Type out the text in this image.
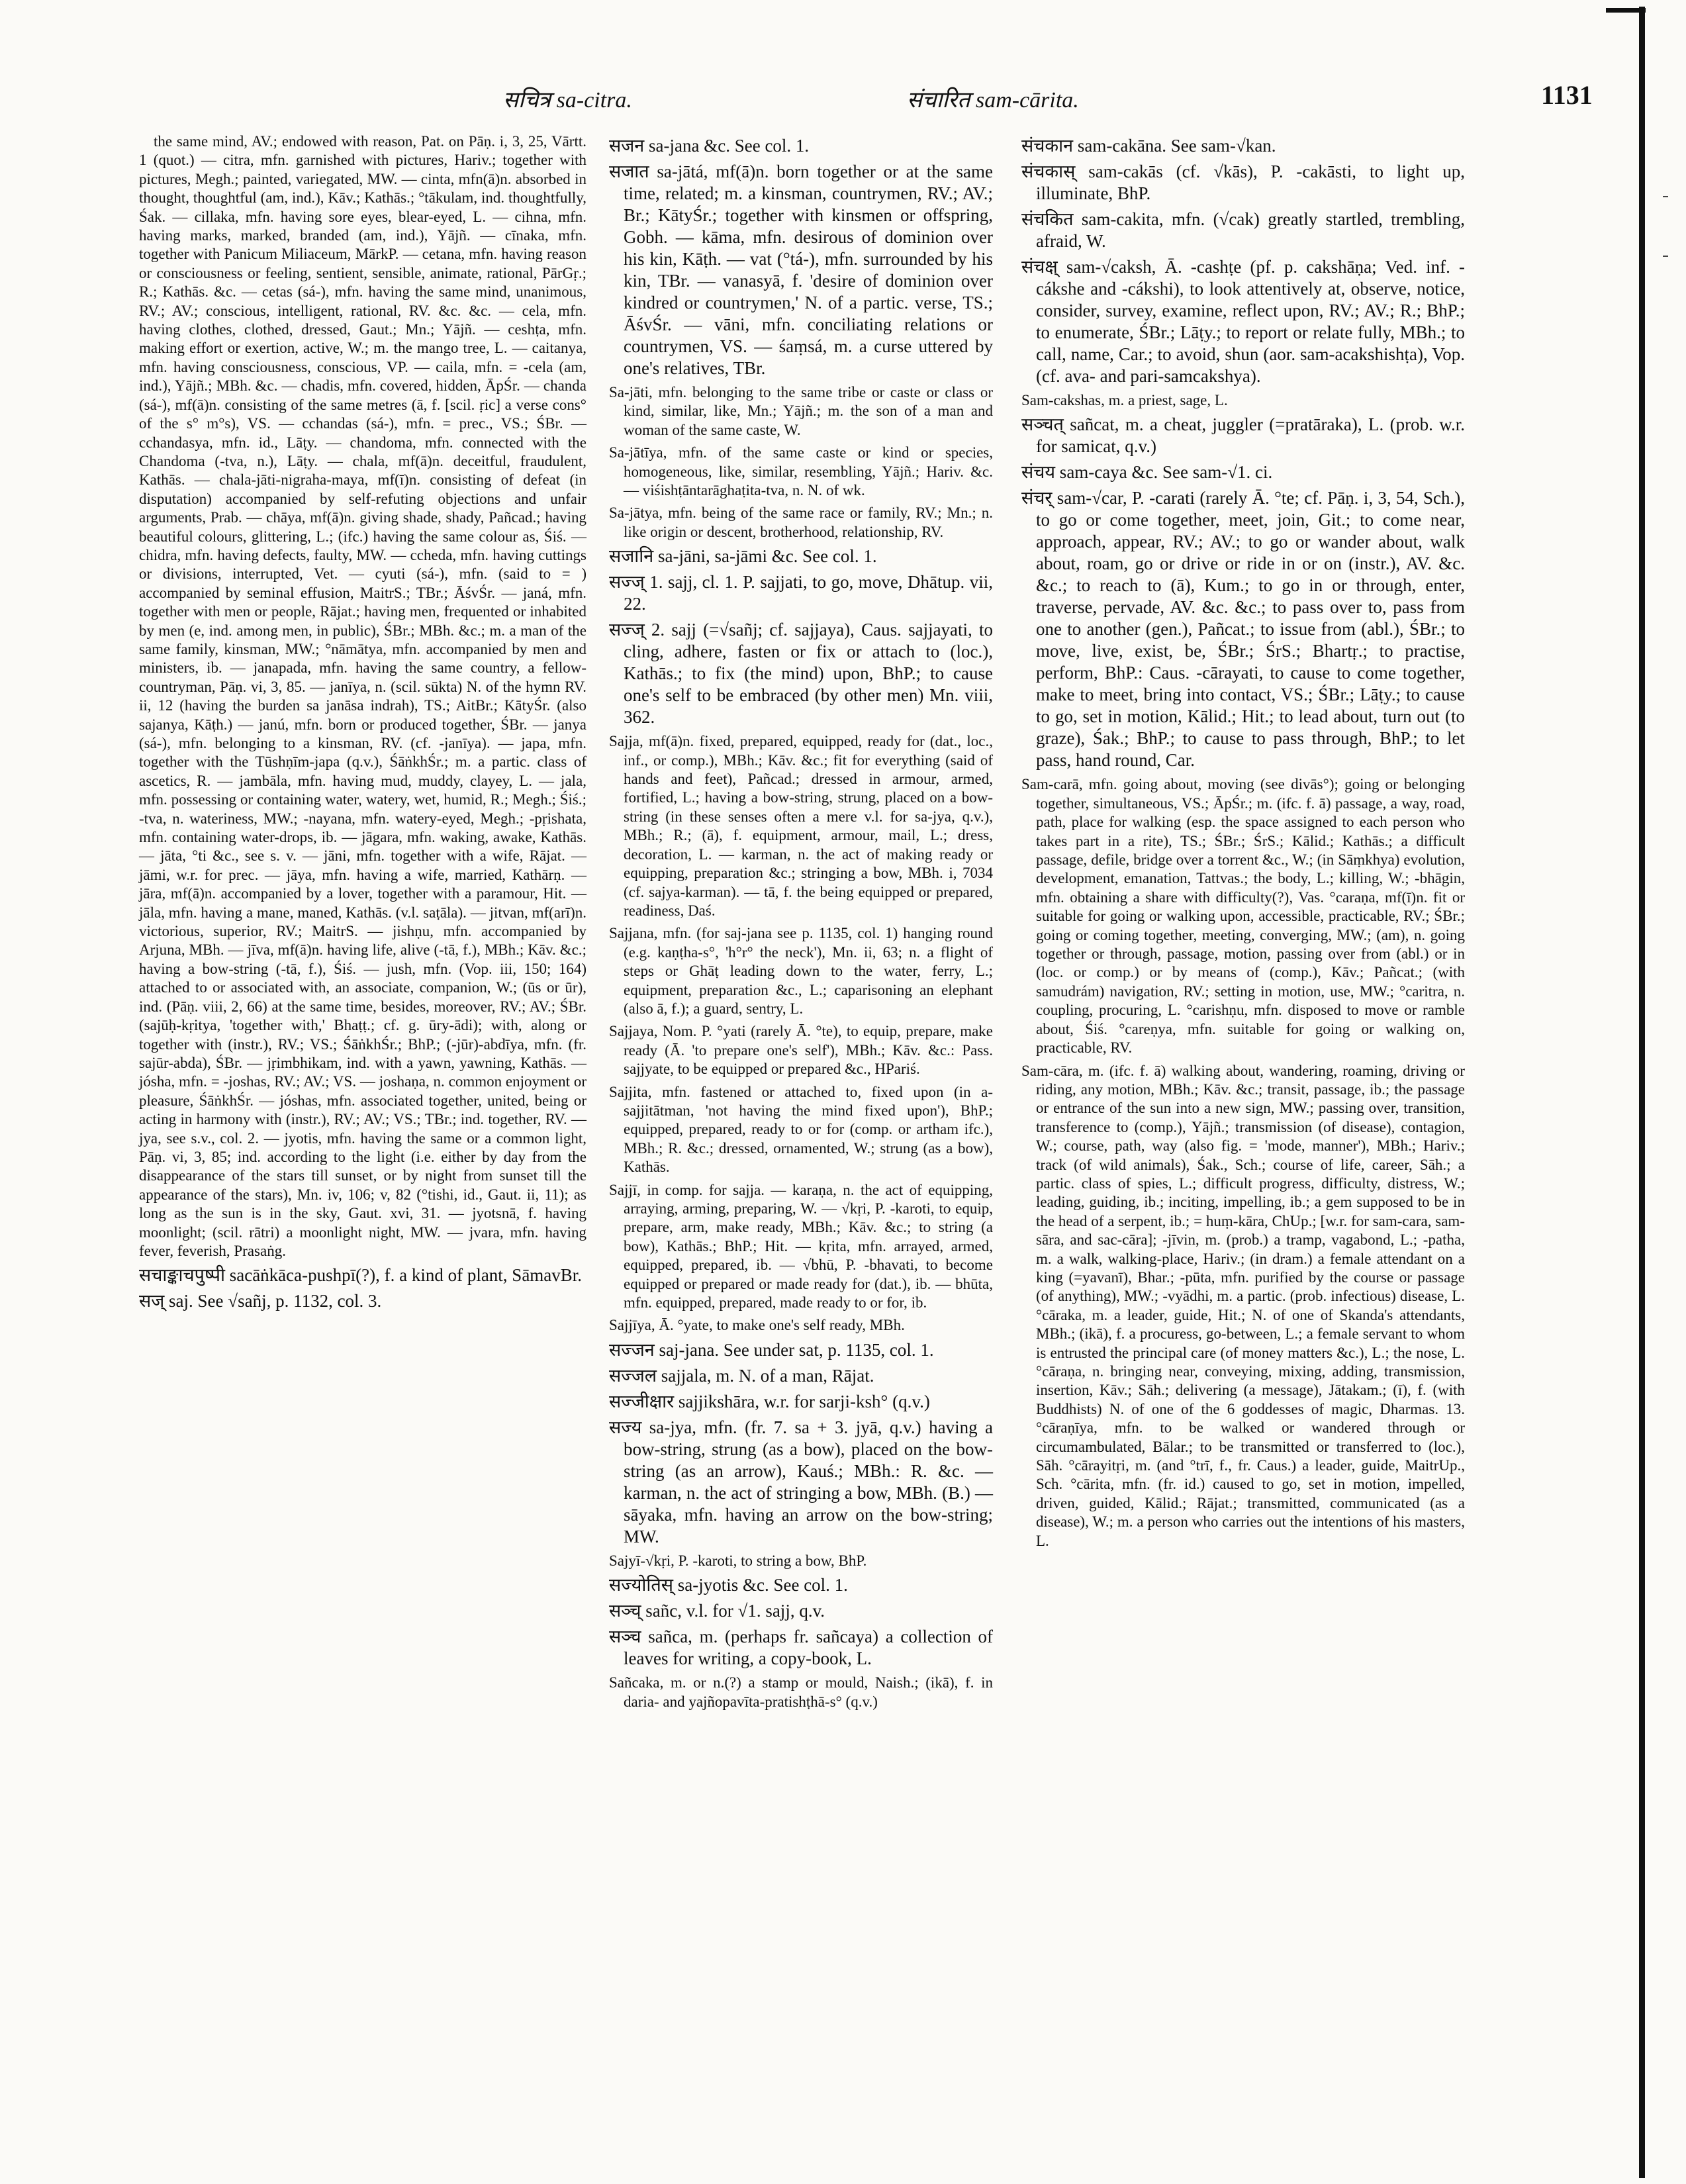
सचित्र sa-citra.	संचारित sam-cārita.	1131
the same mind, AV.; endowed with reason, Pat. on Pāṇ. i, 3, 25, Vārtt. 1 (quot.) — citra, mfn. garnished with pictures, Hariv.; together with pictures, Megh.; painted, variegated, MW. — cinta, mfn(ā)n. absorbed in thought, thoughtful (am, ind.), Kāv.; Kathās.; °tākulam, ind. thoughtfully, Śak. — cillaka, mfn. having sore eyes, blear-eyed, L. — cihna, mfn. having marks, marked, branded (am, ind.), Yājñ. — cīnaka, mfn. together with Panicum Miliaceum, MārkP. — cetana, mfn. having reason or consciousness or feeling, sentient, sensible, animate, rational, PārGṛ.; R.; Kathās. &c. — cetas (sá-), mfn. having the same mind, unanimous, RV.; AV.; conscious, intelligent, rational, RV. &c. &c. — cela, mfn. having clothes, clothed, dressed, Gaut.; Mn.; Yājñ. — ceshṭa, mfn. making effort or exertion, active, W.; m. the mango tree, L. — caitanya, mfn. having consciousness, conscious, VP. — caila, mfn. = -cela (am, ind.), Yājñ.; MBh. &c. — chadis, mfn. covered, hidden, ĀpŚr. — chanda (sá-), mf(ā)n. consisting of the same metres (ā, f. [scil. ṛic] a verse cons° of the s° m°s), VS. — cchandas (sá-), mfn. = prec., VS.; ŚBr. — cchandasya, mfn. id., Lāṭy. — chandoma, mfn. connected with the Chandoma (-tva, n.), Lāṭy. — chala, mf(ā)n. deceitful, fraudulent, Kathās. — chala-jāti-nigraha-maya, mf(ī)n. consisting of defeat (in disputation) accompanied by self-refuting objections and unfair arguments, Prab. — chāya, mf(ā)n. giving shade, shady, Pañcad.; having beautiful colours, glittering, L.; (ifc.) having the same colour as, Śiś. — chidra, mfn. having defects, faulty, MW. — ccheda, mfn. having cuttings or divisions, interrupted, Vet. — cyuti (sá-), mfn. (said to = ) accompanied by seminal effusion, MaitrS.; TBr.; ĀśvŚr. — janá, mfn. together with men or people, Rājat.; having men, frequented or inhabited by men (e, ind. among men, in public), ŚBr.; MBh. &c.; m. a man of the same family, kinsman, MW.; °nāmātya, mfn. accompanied by men and ministers, ib. — janapada, mfn. having the same country, a fellow-countryman, Pāṇ. vi, 3, 85. — janīya, n. (scil. sūkta) N. of the hymn RV. ii, 12 (having the burden sa janāsa indrah), TS.; AitBr.; KātyŚr. (also sajanya, Kāṭh.) — janú, mfn. born or produced together, ŚBr. — janya (sá-), mfn. belonging to a kinsman, RV. (cf. -janīya). — japa, mfn. together with the Tūshṇīm-japa (q.v.), ŚāṅkhŚr.; m. a partic. class of ascetics, R. — jambāla, mfn. having mud, muddy, clayey, L. — jala, mfn. possessing or containing water, watery, wet, humid, R.; Megh.; Śiś.; -tva, n. wateriness, MW.; -nayana, mfn. watery-eyed, Megh.; -pṛishata, mfn. containing water-drops, ib. — jāgara, mfn. waking, awake, Kathās. — jāta, °ti &c., see s. v. — jāni, mfn. together with a wife, Rājat. — jāmi, w.r. for prec. — jāya, mfn. having a wife, married, Kathārṇ. — jāra, mf(ā)n. accompanied by a lover, together with a paramour, Hit. — jāla, mfn. having a mane, maned, Kathās. (v.l. saṭāla). — jitvan, mf(arī)n. victorious, superior, RV.; MaitrS. — jishṇu, mfn. accompanied by Arjuna, MBh. — jīva, mf(ā)n. having life, alive (-tā, f.), MBh.; Kāv. &c.; having a bow-string (-tā, f.), Śiś. — jush, mfn. (Vop. iii, 150; 164) attached to or associated with, an associate, companion, W.; (ūs or ūr), ind. (Pāṇ. viii, 2, 66) at the same time, besides, moreover, RV.; AV.; ŚBr. (sajūḥ-kṛitya, 'together with,' Bhaṭṭ.; cf. g. ūry-ādi); with, along or together with (instr.), RV.; VS.; ŚāṅkhŚr.; BhP.; (-jūr)-abdīya, mfn. (fr. sajūr-abda), ŚBr. — jṛimbhikam, ind. with a yawn, yawning, Kathās. — jósha, mfn. = -joshas, RV.; AV.; VS. — joshaṇa, n. common enjoyment or pleasure, ŚāṅkhŚr. — jóshas, mfn. associated together, united, being or acting in harmony with (instr.), RV.; AV.; VS.; TBr.; ind. together, RV. — jya, see s.v., col. 2. — jyotis, mfn. having the same or a common light, Pāṇ. vi, 3, 85; ind. according to the light (i.e. either by day from the disappearance of the stars till sunset, or by night from sunset till the appearance of the stars), Mn. iv, 106; v, 82 (°tishi, id., Gaut. ii, 11); as long as the sun is in the sky, Gaut. xvi, 31. — jyotsnā, f. having moonlight; (scil. rātri) a moonlight night, MW. — jvara, mfn. having fever, feverish, Prasaṅg.
सचाङ्काचपुष्पी sacāṅkāca-pushpī(?), f. a kind of plant, SāmavBr.
सज् saj. See √sañj, p. 1132, col. 3.
सजन sa-jana &c. See col. 1.
सजात sa-jātá, mf(ā)n. born together or at the same time, related; m. a kinsman, countrymen, RV.; AV.; Br.; KātyŚr.; together with kinsmen or offspring, Gobh. — kāma, mfn. desirous of dominion over his kin, Kāṭh. — vat (°tá-), mfn. surrounded by his kin, TBr. — vanasyā, f. 'desire of dominion over kindred or countrymen,' N. of a partic. verse, TS.; ĀśvŚr. — vāni, mfn. conciliating relations or countrymen, VS. — śaṃsá, m. a curse uttered by one's relatives, TBr.
Sa-jāti, mfn. belonging to the same tribe or caste or class or kind, similar, like, Mn.; Yājñ.; m. the son of a man and woman of the same caste, W.
Sa-jātīya, mfn. of the same caste or kind or species, homogeneous, like, similar, resembling, Yājñ.; Hariv. &c. — viśishṭāntarāghaṭita-tva, n. N. of wk.
Sa-jātya, mfn. being of the same race or family, RV.; Mn.; n. like origin or descent, brotherhood, relationship, RV.
सजानि sa-jāni, sa-jāmi &c. See col. 1.
सज्ज् 1. sajj, cl. 1. P. sajjati, to go, move, Dhātup. vii, 22.
सज्ज् 2. sajj (=√sañj; cf. sajjaya), Caus. sajjayati, to cling, adhere, fasten or fix or attach to (loc.), Kathās.; to fix (the mind) upon, BhP.; to cause one's self to be embraced (by other men) Mn. viii, 362.
Sajja, mf(ā)n. fixed, prepared, equipped, ready for (dat., loc., inf., or comp.), MBh.; Kāv. &c.; fit for everything (said of hands and feet), Pañcad.; dressed in armour, armed, fortified, L.; having a bow-string, strung, placed on a bow-string (in these senses often a mere v.l. for sa-jya, q.v.), MBh.; R.; (ā), f. equipment, armour, mail, L.; dress, decoration, L. — karman, n. the act of making ready or equipping, preparation &c.; stringing a bow, MBh. i, 7034 (cf. sajya-karman). — tā, f. the being equipped or prepared, readiness, Daś.
Sajjana, mfn. (for saj-jana see p. 1135, col. 1) hanging round (e.g. kaṇṭha-s°, 'h°r° the neck'), Mn. ii, 63; n. a flight of steps or Ghāṭ leading down to the water, ferry, L.; equipment, preparation &c., L.; caparisoning an elephant (also ā, f.); a guard, sentry, L.
Sajjaya, Nom. P. °yati (rarely Ā. °te), to equip, prepare, make ready (Ā. 'to prepare one's self'), MBh.; Kāv. &c.: Pass. sajjyate, to be equipped or prepared &c., HPariś.
Sajjita, mfn. fastened or attached to, fixed upon (in a-sajjitātman, 'not having the mind fixed upon'), BhP.; equipped, prepared, ready to or for (comp. or artham ifc.), MBh.; R. &c.; dressed, ornamented, W.; strung (as a bow), Kathās.
Sajjī, in comp. for sajja. — karaṇa, n. the act of equipping, arraying, arming, preparing, W. — √kṛi, P. -karoti, to equip, prepare, arm, make ready, MBh.; Kāv. &c.; to string (a bow), Kathās.; BhP.; Hit. — kṛita, mfn. arrayed, armed, equipped, prepared, ib. — √bhū, P. -bhavati, to become equipped or prepared or made ready for (dat.), ib. — bhūta, mfn. equipped, prepared, made ready to or for, ib.
Sajjīya, Ā. °yate, to make one's self ready, MBh.
सज्जन saj-jana. See under sat, p. 1135, col. 1.
सज्जल sajjala, m. N. of a man, Rājat.
सज्जीक्षार sajjikshāra, w.r. for sarji-ksh° (q.v.)
सज्य sa-jya, mfn. (fr. 7. sa + 3. jyā, q.v.) having a bow-string, strung (as a bow), placed on the bow-string (as an arrow), Kauś.; MBh.: R. &c. — karman, n. the act of stringing a bow, MBh. (B.) — sāyaka, mfn. having an arrow on the bow-string; MW.
Sajyī-√kṛi, P. -karoti, to string a bow, BhP.
सज्योतिस् sa-jyotis &c. See col. 1.
सञ्च् sañc, v.l. for √1. sajj, q.v.
सञ्च sañca, m. (perhaps fr. sañcaya) a collection of leaves for writing, a copy-book, L.
Sañcaka, m. or n.(?) a stamp or mould, Naish.; (ikā), f. in daria- and yajñopavīta-pratishṭhā-s° (q.v.)
संचकान sam-cakāna. See sam-√kan.
संचकास् sam-cakās (cf. √kās), P. -cakāsti, to light up, illuminate, BhP.
संचकित sam-cakita, mfn. (√cak) greatly startled, trembling, afraid, W.
संचक्ष् sam-√caksh, Ā. -cashṭe (pf. p. cakshāṇa; Ved. inf. -cákshe and -cákshi), to look attentively at, observe, notice, consider, survey, examine, reflect upon, RV.; AV.; R.; BhP.; to enumerate, ŚBr.; Lāṭy.; to report or relate fully, MBh.; to call, name, Car.; to avoid, shun (aor. sam-acakshishṭa), Vop. (cf. ava- and pari-samcakshya).
Sam-cakshas, m. a priest, sage, L.
सञ्चत् sañcat, m. a cheat, juggler (=pratāraka), L. (prob. w.r. for samicat, q.v.)
संचय sam-caya &c. See sam-√1. ci.
संचर् sam-√car, P. -carati (rarely Ā. °te; cf. Pāṇ. i, 3, 54, Sch.), to go or come together, meet, join, Git.; to come near, approach, appear, RV.; AV.; to go or wander about, walk about, roam, go or drive or ride in or on (instr.), AV. &c. &c.; to reach to (ā), Kum.; to go in or through, enter, traverse, pervade, AV. &c. &c.; to pass over to, pass from one to another (gen.), Pañcat.; to issue from (abl.), ŚBr.; to move, live, exist, be, ŚBr.; ŚrS.; Bhartṛ.; to practise, perform, BhP.: Caus. -cārayati, to cause to come together, make to meet, bring into contact, VS.; ŚBr.; Lāṭy.; to cause to go, set in motion, Kālid.; Hit.; to lead about, turn out (to graze), Śak.; BhP.; to cause to pass through, BhP.; to let pass, hand round, Car.
Sam-carā, mfn. going about, moving (see divās°); going or belonging together, simultaneous, VS.; ĀpŚr.; m. (ifc. f. ā) passage, a way, road, path, place for walking (esp. the space assigned to each person who takes part in a rite), TS.; ŚBr.; ŚrS.; Kālid.; Kathās.; a difficult passage, defile, bridge over a torrent &c., W.; (in Sāṃkhya) evolution, development, emanation, Tattvas.; the body, L.; killing, W.; -bhāgin, mfn. obtaining a share with difficulty(?), Vas. °caraṇa, mf(ī)n. fit or suitable for going or walking upon, accessible, practicable, RV.; ŚBr.; going or coming together, meeting, converging, MW.; (am), n. going together or through, passage, motion, passing over from (abl.) or in (loc. or comp.) or by means of (comp.), Kāv.; Pañcat.; (with samudrám) navigation, RV.; setting in motion, use, MW.; °caritra, n. coupling, procuring, L. °carishṇu, mfn. disposed to move or ramble about, Śiś. °careṇya, mfn. suitable for going or walking on, practicable, RV.
Sam-cāra, m. (ifc. f. ā) walking about, wandering, roaming, driving or riding, any motion, MBh.; Kāv. &c.; transit, passage, ib.; the passage or entrance of the sun into a new sign, MW.; passing over, transition, transference to (comp.), Yājñ.; transmission (of disease), contagion, W.; course, path, way (also fig. = 'mode, manner'), MBh.; Hariv.; track (of wild animals), Śak., Sch.; course of life, career, Sāh.; a partic. class of spies, L.; difficult progress, difficulty, distress, W.; leading, guiding, ib.; inciting, impelling, ib.; a gem supposed to be in the head of a serpent, ib.; = huṃ-kāra, ChUp.; [w.r. for sam-cara, sam-sāra, and sac-cāra]; -jīvin, m. (prob.) a tramp, vagabond, L.; -patha, m. a walk, walking-place, Hariv.; (in dram.) a female attendant on a king (=yavanī), Bhar.; -pūta, mfn. purified by the course or passage (of anything), MW.; -vyādhi, m. a partic. (prob. infectious) disease, L. °cāraka, m. a leader, guide, Hit.; N. of one of Skanda's attendants, MBh.; (ikā), f. a procuress, go-between, L.; a female servant to whom is entrusted the principal care (of money matters &c.), L.; the nose, L. °cāraṇa, n. bringing near, conveying, mixing, adding, transmission, insertion, Kāv.; Sāh.; delivering (a message), Jātakam.; (ī), f. (with Buddhists) N. of one of the 6 goddesses of magic, Dharmas. 13. °cāraṇīya, mfn. to be walked or wandered through or circumambulated, Bālar.; to be transmitted or transferred to (loc.), Sāh. °cārayitṛi, m. (and °trī, f., fr. Caus.) a leader, guide, MaitrUp., Sch. °cārita, mfn. (fr. id.) caused to go, set in motion, impelled, driven, guided, Kālid.; Rājat.; transmitted, communicated (as a disease), W.; m. a person who carries out the intentions of his masters, L.
